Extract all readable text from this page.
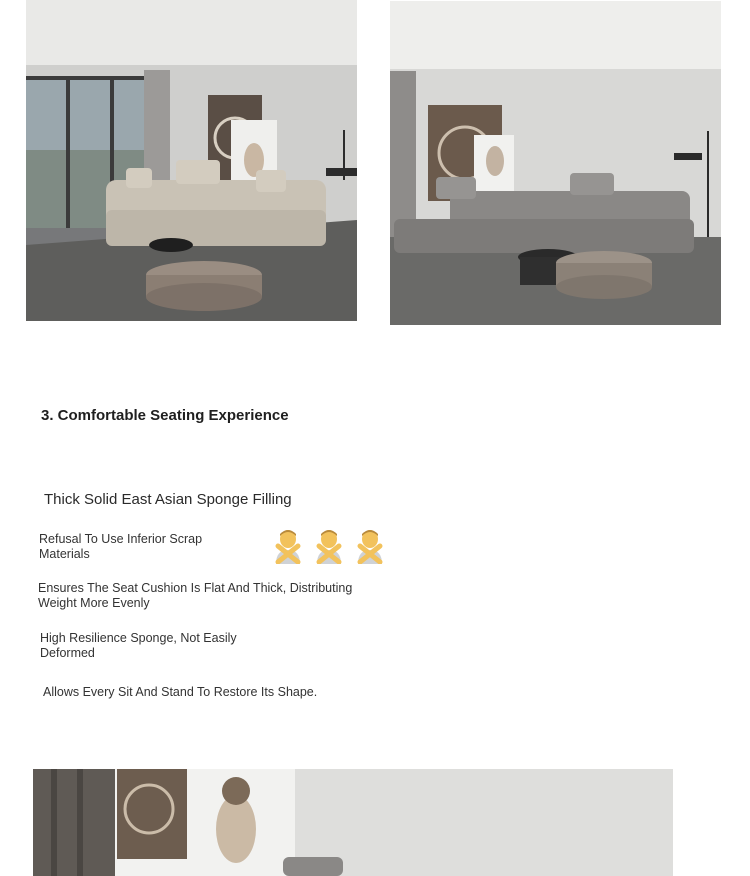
3. Comfortable Seating Experience
Thick Solid East Asian Sponge Filling
Refusal To Use Inferior Scrap Materials
Ensures The Seat Cushion Is Flat And Thick, Distributing Weight More Evenly
High Resilience Sponge, Not Easily Deformed
Allows Every Sit And Stand To Restore Its Shape.
